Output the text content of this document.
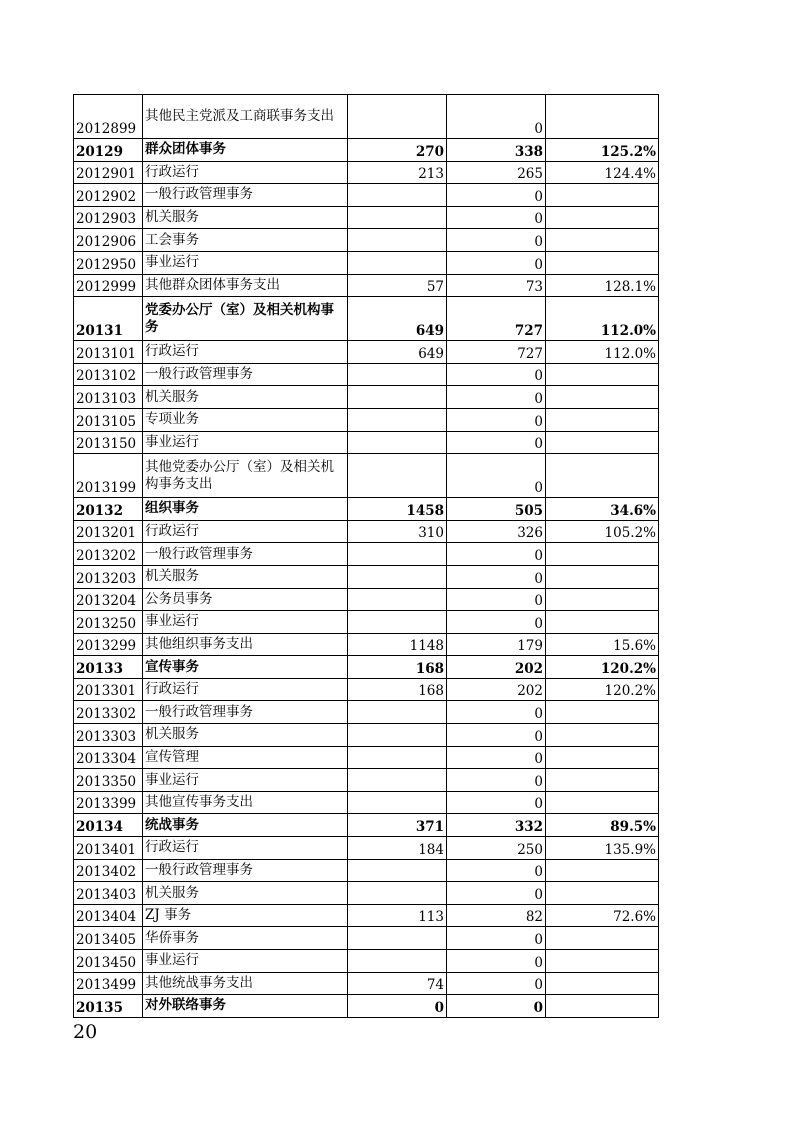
2012899	其他民主党派及工商联事务支出		0	
20129	群众团体事务	270	338	125.2%
2012901	行政运行	213	265	124.4%
2012902	一般行政管理事务		0	
2012903	机关服务		0	
2012906	工会事务		0	
2012950	事业运行		0	
2012999	其他群众团体事务支出	57	73	128.1%
20131	党委办公厅（室）及相关机构事务	649	727	112.0%
2013101	行政运行	649	727	112.0%
2013102	一般行政管理事务		0	
2013103	机关服务		0	
2013105	专项业务		0	
2013150	事业运行		0	
2013199	其他党委办公厅（室）及相关机构事务支出		0	
20132	组织事务	1458	505	34.6%
2013201	行政运行	310	326	105.2%
2013202	一般行政管理事务		0	
2013203	机关服务		0	
2013204	公务员事务		0	
2013250	事业运行		0	
2013299	其他组织事务支出	1148	179	15.6%
20133	宣传事务	168	202	120.2%
2013301	行政运行	168	202	120.2%
2013302	一般行政管理事务		0	
2013303	机关服务		0	
2013304	宣传管理		0	
2013350	事业运行		0	
2013399	其他宣传事务支出		0	
20134	统战事务	371	332	89.5%
2013401	行政运行	184	250	135.9%
2013402	一般行政管理事务		0	
2013403	机关服务		0	
2013404	ZJ 事务	113	82	72.6%
2013405	华侨事务		0	
2013450	事业运行		0	
2013499	其他统战事务支出	74	0	
20135	对外联络事务	0	0	
20
